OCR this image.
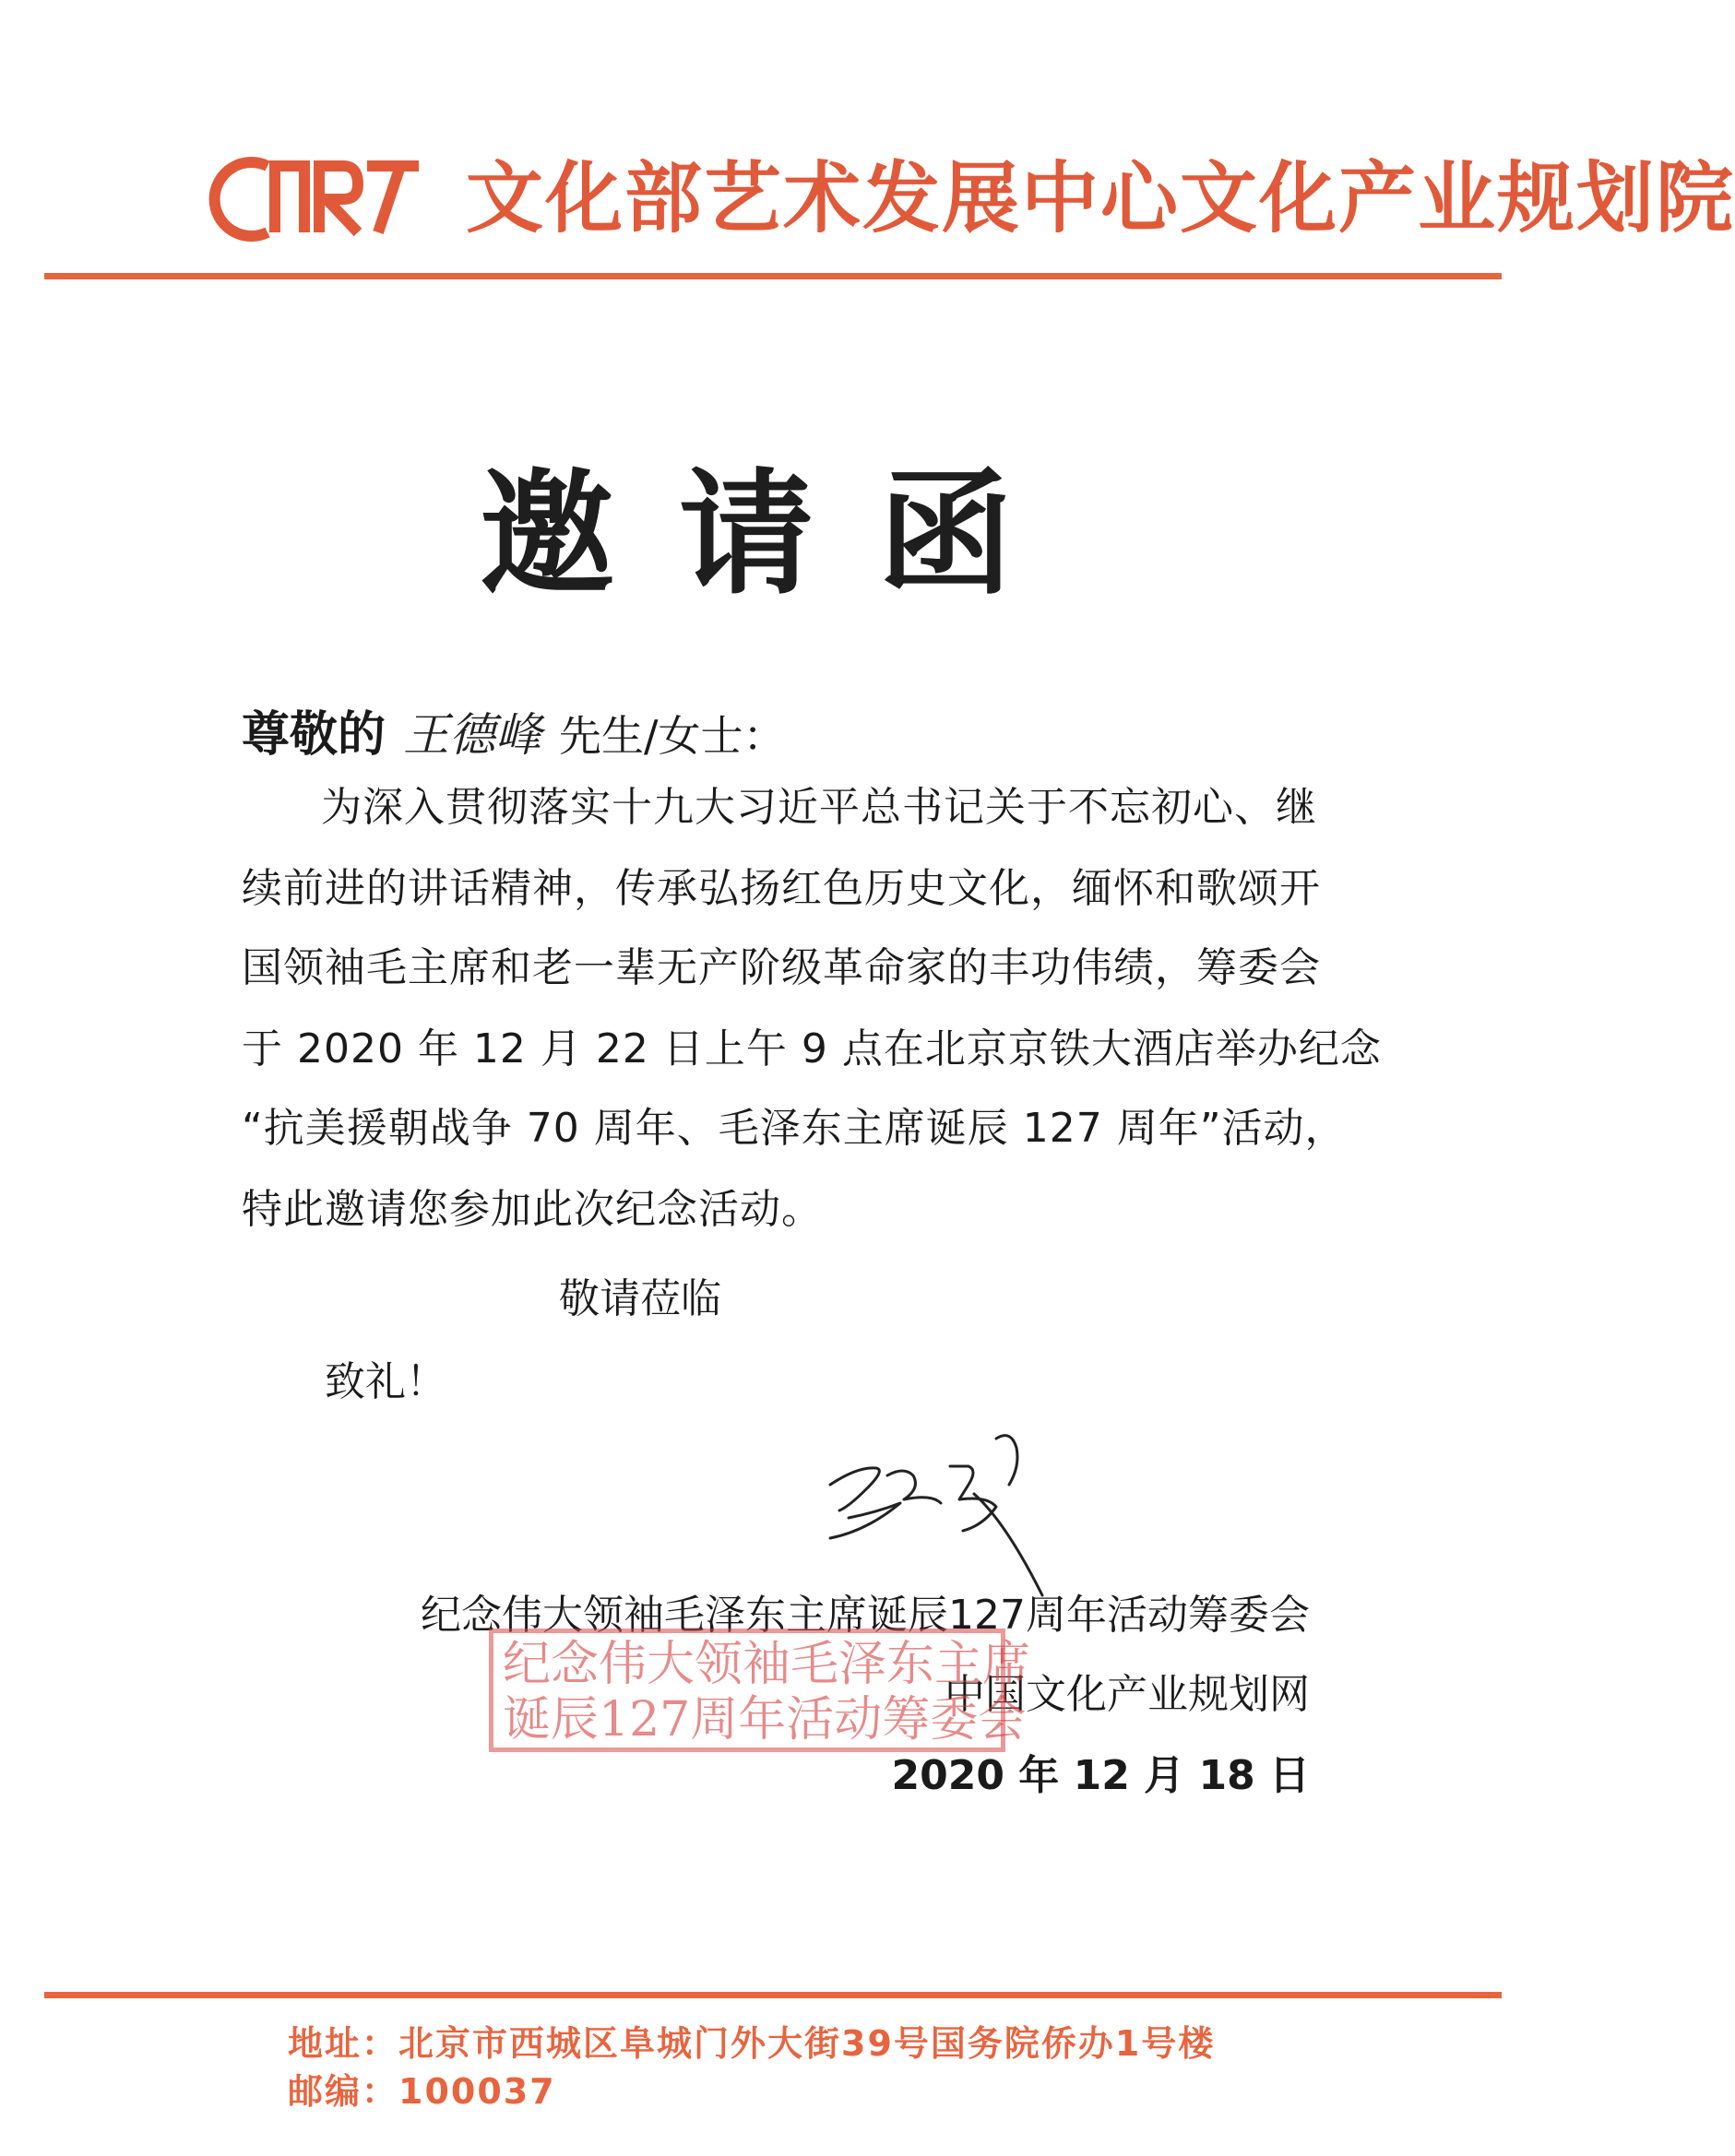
文化部艺术发展中心文化产业规划院
邀请函
尊敬的 王德峰 先生/女士：
为深入贯彻落实十九大习近平总书记关于不忘初心、继
续前进的讲话精神，传承弘扬红色历史文化，缅怀和歌颂开
国领袖毛主席和老一辈无产阶级革命家的丰功伟绩，筹委会
于 2020 年 12 月 22 日上午 9 点在北京京铁大酒店举办纪念
“抗美援朝战争 70 周年、毛泽东主席诞辰 127 周年”活动，
特此邀请您参加此次纪念活动。
敬请莅临
致礼！
纪念伟大领袖毛泽东主席诞辰127周年活动筹委会
中国文化产业规划网
2020 年 12 月 18 日
纪念伟大领袖毛泽东主席
诞辰127周年活动筹委会
地址：北京市西城区阜城门外大街39号国务院侨办1号楼
邮编：100037
